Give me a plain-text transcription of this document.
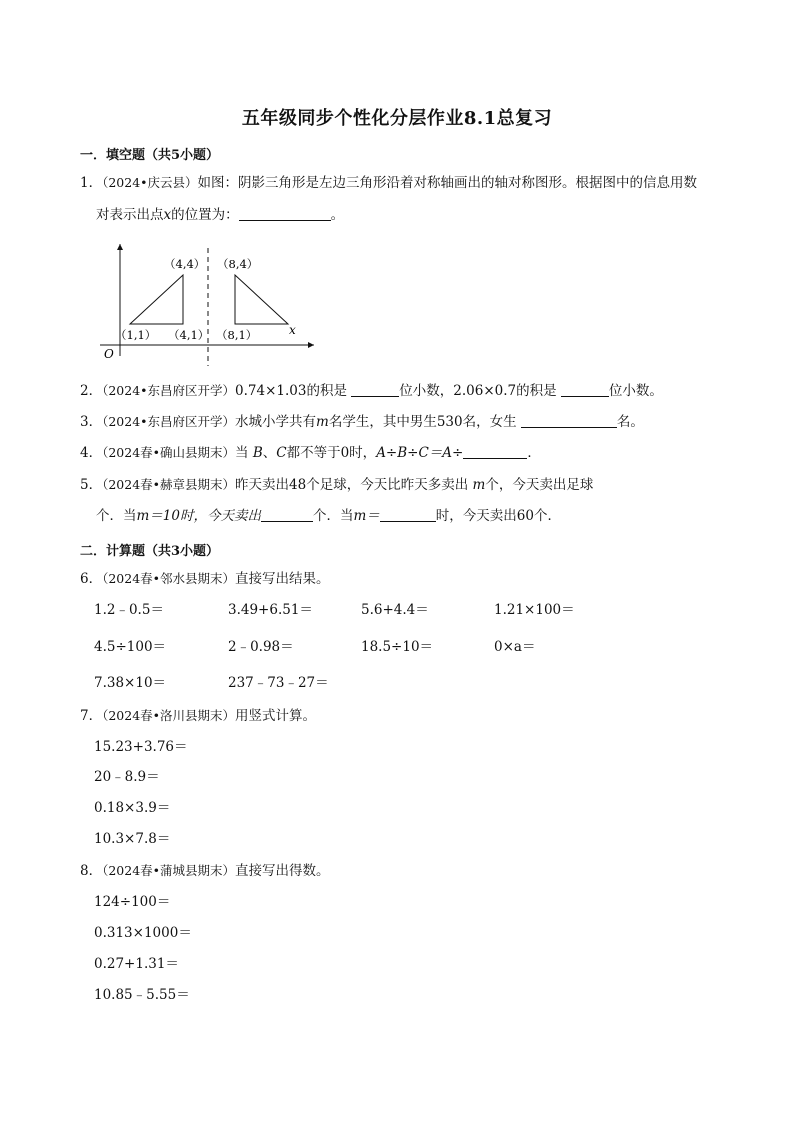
五年级同步个性化分层作业8.1总复习
一．填空题（共5小题）
1．（2024•庆云县）如图：阴影三角形是左边三角形沿着对称轴画出的轴对称图形。根据图中的信息用数
对表示出点x的位置为：	。
O
x
（4,4） （8,4）
（1,1） （4,1） （8,1）
2．（2024•东昌府区开学）0.74×1.03的积是	位小数，2.06×0.7的积是	位小数。
3．（2024•东昌府区开学）水城小学共有m名学生，其中男生530名，女生	名。
4．（2024春•确山县期末）当 B、C都不等于0时，A÷B÷C＝A÷	．
5．（2024春•赫章县期末）昨天卖出48个足球，今天比昨天多卖出 m个，今天卖出足球
个．当m＝10时，今天卖出	个．当m＝	时，今天卖出60个．
二．计算题（共3小题）
6．（2024春•邻水县期末）直接写出结果。
1.2﹣0.5＝	3.49+6.51＝	5.6+4.4＝	1.21×100＝
4.5÷100＝	2﹣0.98＝	18.5÷10＝	0×a＝
7.38×10＝	237﹣73﹣27＝
7．（2024春•洛川县期末）用竖式计算。
15.23+3.76＝
20﹣8.9＝
0.18×3.9＝
10.3×7.8＝
8．（2024春•蒲城县期末）直接写出得数。
124÷100＝
0.313×1000＝
0.27+1.31＝
10.85﹣5.55＝
